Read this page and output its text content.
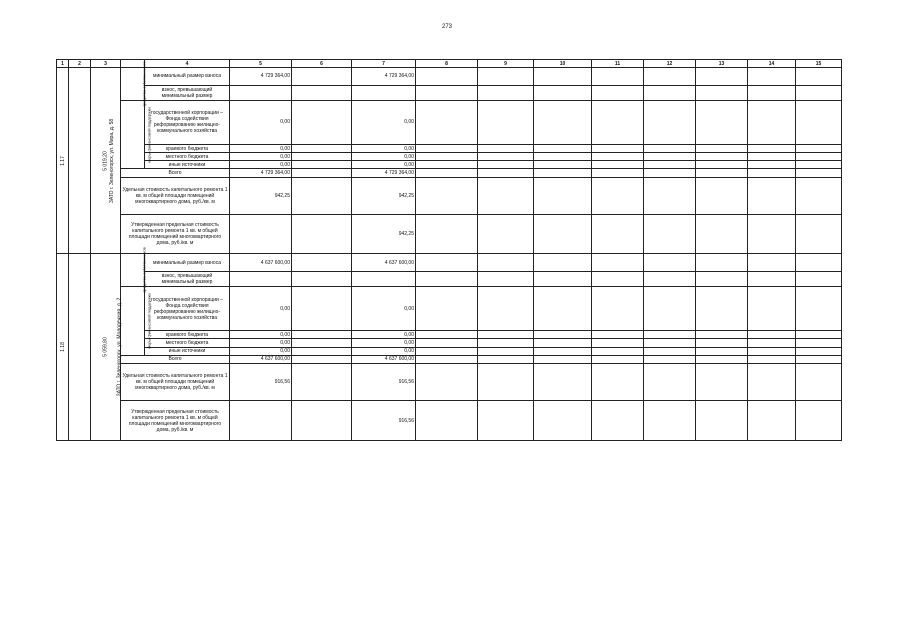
273
1	2	3		4	5	6	7	8	9	10	11	12	13	14	15
1.17	ЗАТО г. Зеленогорск, ул. Мира, д. 58	5 019,20	средства собственников	минимальный размер взноса	4 729 364,00		4 729 364,00								
				взнос, превышающий минимальный размер											
			меры финансовой поддержки	государственной корпорации – Фонда содействия реформированию жилищно-коммунального хозяйства	0,00		0,00								
				краевого бюджета	0,00		0,00								
				местного бюджета	0,00		0,00								
				иные источники	0,00		0,00								
			Всего		4 729 364,00		4 729 364,00								
			Удельная стоимость капитального ремонта 1 кв. м общей площади помещений многоквартирного дома, руб./кв. м		942,25		942,25								
			Утвержденная предельная стоимость капитального ремонта 1 кв. м общей площади помещений многоквартирного дома, руб./кв. м				942,25								
1.18	ЗАТО г. Зеленогорск, ул. Молодежная, д. 2	5 059,80	средства собственников	минимальный размер взноса	4 637 600,00		4 637 600,00								
				взнос, превышающий минимальный размер											
			меры финансовой поддержки	государственной корпорации – Фонда содействия реформированию жилищно-коммунального хозяйства	0,00		0,00								
				краевого бюджета	0,00		0,00								
				местного бюджета	0,00		0,00								
				иные источники	0,00		0,00								
			Всего		4 637 600,00		4 637 600,00								
			Удельная стоимость капитального ремонта 1 кв. м общей площади помещений многоквартирного дома, руб./кв. м		916,56		916,56								
			Утвержденная предельная стоимость капитального ремонта 1 кв. м общей площади помещений многоквартирного дома, руб./кв. м				916,56								
